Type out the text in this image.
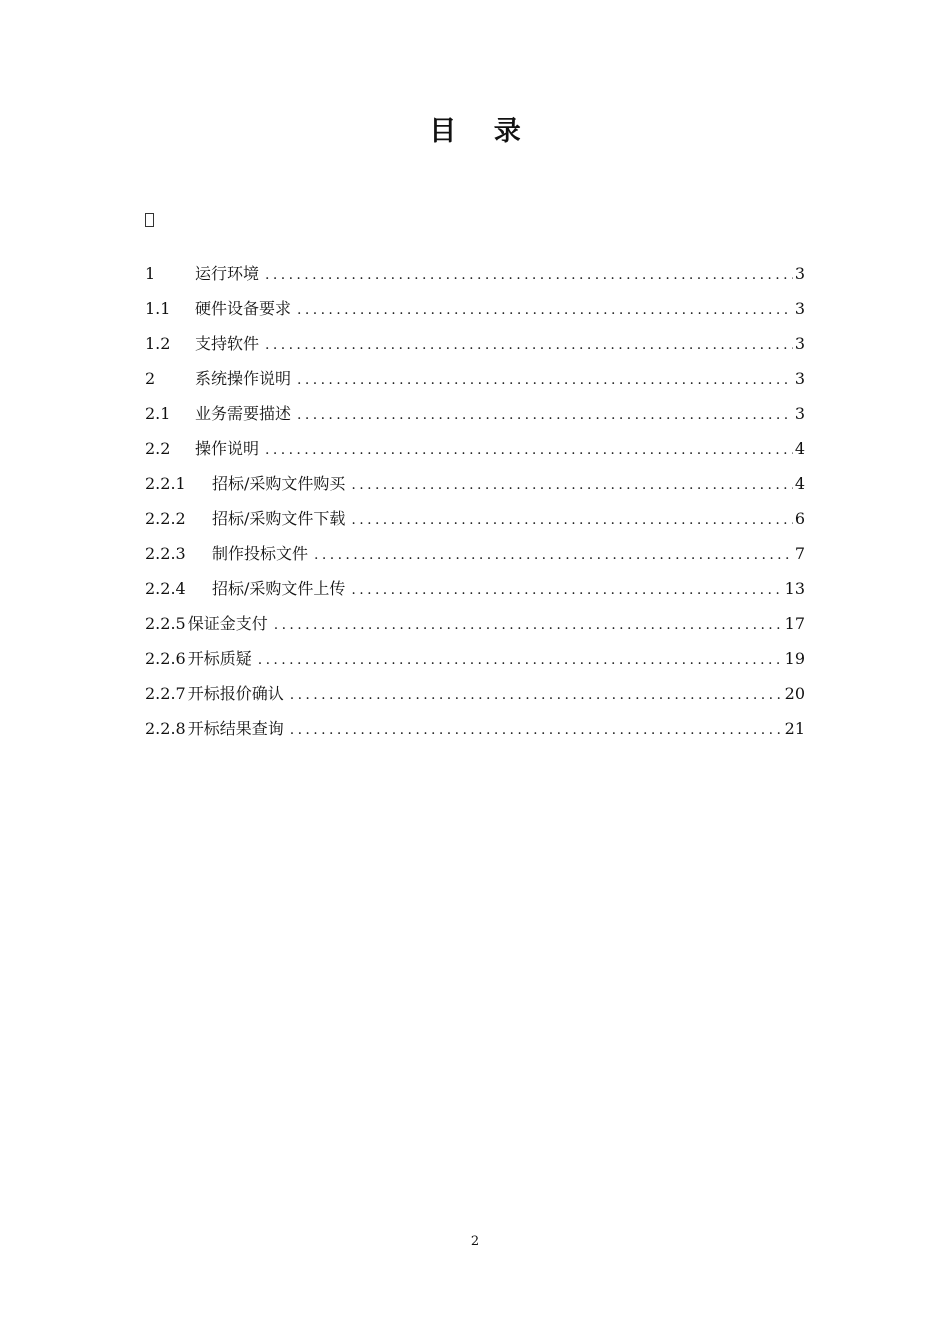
目 录
1	运行环境 .....	3
1.1	硬件设备要求 .....	3
1.2	支持软件 .....	3
2	系统操作说明 .....	3
2.1	业务需要描述 .....	3
2.2	操作说明 .....	4
2.2.1	招标/采购文件购买 .....	4
2.2.2	招标/采购文件下载 .....	6
2.2.3	制作投标文件 .....	7
2.2.4	招标/采购文件上传 .....	13
2.2.5 保证金支付 .....	17
2.2.6 开标质疑 .....	19
2.2.7 开标报价确认 .....	20
2.2.8 开标结果查询 .....	21
2
